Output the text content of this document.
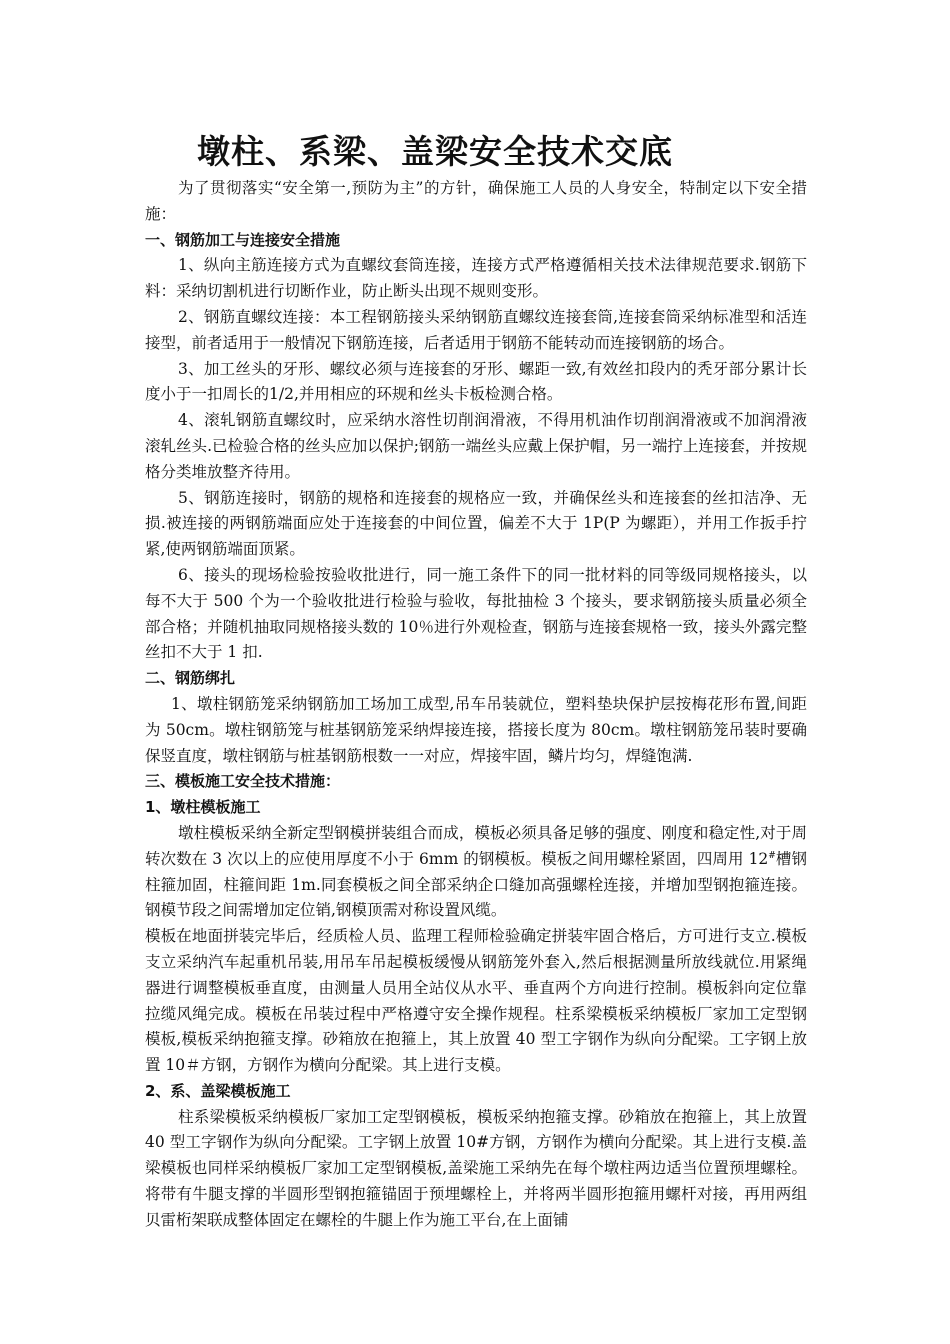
墩柱、系梁、盖梁安全技术交底

为了贯彻落实“安全第一,预防为主”的方针，确保施工人员的人身安全，特制定以下安全措施：

一、钢筋加工与连接安全措施

1、纵向主筋连接方式为直螺纹套筒连接，连接方式严格遵循相关技术法律规范要求.钢筋下料：采纳切割机进行切断作业，防止断头出现不规则变形。

2、钢筋直螺纹连接：本工程钢筋接头采纳钢筋直螺纹连接套筒,连接套筒采纳标准型和活连接型，前者适用于一般情况下钢筋连接，后者适用于钢筋不能转动而连接钢筋的场合。

3、加工丝头的牙形、螺纹必须与连接套的牙形、螺距一致,有效丝扣段内的秃牙部分累计长度小于一扣周长的1/2,并用相应的环规和丝头卡板检测合格。

4、滚轧钢筋直螺纹时，应采纳水溶性切削润滑液，不得用机油作切削润滑液或不加润滑液滚轧丝头.已检验合格的丝头应加以保护;钢筋一端丝头应戴上保护帽，另一端拧上连接套，并按规格分类堆放整齐待用。

5、钢筋连接时，钢筋的规格和连接套的规格应一致，并确保丝头和连接套的丝扣洁净、无损.被连接的两钢筋端面应处于连接套的中间位置，偏差不大于 1P(P 为螺距），并用工作扳手拧紧,使两钢筋端面顶紧。

6、接头的现场检验按验收批进行，同一施工条件下的同一批材料的同等级同规格接头，以每不大于 500 个为一个验收批进行检验与验收，每批抽检 3 个接头，要求钢筋接头质量必须全部合格；并随机抽取同规格接头数的 10％进行外观检查，钢筋与连接套规格一致，接头外露完整丝扣不大于 1 扣.

二、钢筋绑扎

1、墩柱钢筋笼采纳钢筋加工场加工成型,吊车吊装就位，塑料垫块保护层按梅花形布置,间距为 50cm。墩柱钢筋笼与桩基钢筋笼采纳焊接连接，搭接长度为 80cm。墩柱钢筋笼吊装时要确保竖直度，墩柱钢筋与桩基钢筋根数一一对应，焊接牢固，鳞片均匀，焊缝饱满.

三、模板施工安全技术措施：

1、墩柱模板施工

墩柱模板采纳全新定型钢模拼装组合而成，模板必须具备足够的强度、刚度和稳定性,对于周转次数在 3 次以上的应使用厚度不小于 6mm 的钢模板。模板之间用螺栓紧固，四周用 12#槽钢柱箍加固，柱箍间距 1m.同套模板之间全部采纳企口缝加高强螺栓连接，并增加型钢抱箍连接。钢模节段之间需增加定位销,钢模顶需对称设置风缆。

模板在地面拼装完毕后，经质检人员、监理工程师检验确定拼装牢固合格后，方可进行支立.模板支立采纳汽车起重机吊装,用吊车吊起模板缓慢从钢筋笼外套入,然后根据测量所放线就位.用紧绳器进行调整模板垂直度，由测量人员用全站仪从水平、垂直两个方向进行控制。模板斜向定位靠拉缆风绳完成。模板在吊装过程中严格遵守安全操作规程。柱系梁模板采纳模板厂家加工定型钢模板,模板采纳抱箍支撑。砂箱放在抱箍上，其上放置 40 型工字钢作为纵向分配梁。工字钢上放置 10＃方钢，方钢作为横向分配梁。其上进行支模。

2、系、盖梁模板施工

柱系梁模板采纳模板厂家加工定型钢模板，模板采纳抱箍支撑。砂箱放在抱箍上，其上放置 40 型工字钢作为纵向分配梁。工字钢上放置 10#方钢，方钢作为横向分配梁。其上进行支模.盖梁模板也同样采纳模板厂家加工定型钢模板,盖梁施工采纳先在每个墩柱两边适当位置预埋螺栓。将带有牛腿支撑的半圆形型钢抱箍锚固于预埋螺栓上，并将两半圆形抱箍用螺杆对接，再用两组贝雷桁架联成整体固定在螺栓的牛腿上作为施工平台,在上面铺
